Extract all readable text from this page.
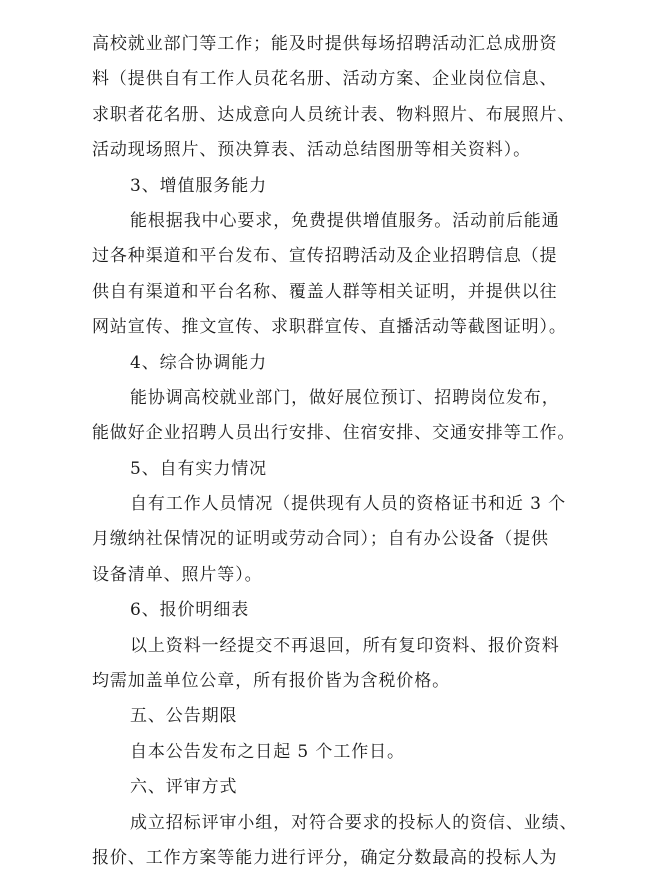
高校就业部门等工作；能及时提供每场招聘活动汇总成册资
料（提供自有工作人员花名册、活动方案、企业岗位信息、
求职者花名册、达成意向人员统计表、物料照片、布展照片、
活动现场照片、预决算表、活动总结图册等相关资料）。
3、增值服务能力
能根据我中心要求，免费提供增值服务。活动前后能通
过各种渠道和平台发布、宣传招聘活动及企业招聘信息（提
供自有渠道和平台名称、覆盖人群等相关证明，并提供以往
网站宣传、推文宣传、求职群宣传、直播活动等截图证明）。
4、综合协调能力
能协调高校就业部门，做好展位预订、招聘岗位发布，
能做好企业招聘人员出行安排、住宿安排、交通安排等工作。
5、自有实力情况
自有工作人员情况（提供现有人员的资格证书和近 3 个
月缴纳社保情况的证明或劳动合同）；自有办公设备（提供
设备清单、照片等）。
6、报价明细表
以上资料一经提交不再退回，所有复印资料、报价资料
均需加盖单位公章，所有报价皆为含税价格。
五、公告期限
自本公告发布之日起 5 个工作日。
六、评审方式
成立招标评审小组，对符合要求的投标人的资信、业绩、
报价、工作方案等能力进行评分，确定分数最高的投标人为
